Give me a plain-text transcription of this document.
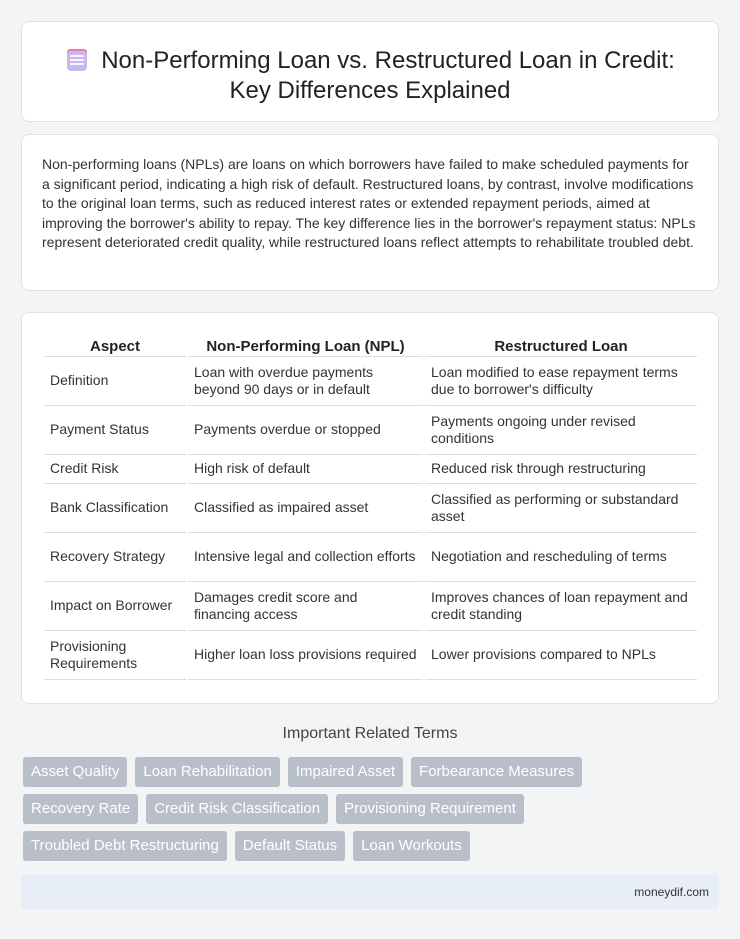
Non-Performing Loan vs. Restructured Loan in Credit:
Key Differences Explained

Non-performing loans (NPLs) are loans on which borrowers have failed to make scheduled payments for a significant period, indicating a high risk of default. Restructured loans, by contrast, involve modifications to the original loan terms, such as reduced interest rates or extended repayment periods, aimed at improving the borrower's ability to repay. The key difference lies in the borrower's repayment status: NPLs represent deteriorated credit quality, while restructured loans reflect attempts to rehabilitate troubled debt.

Aspect	Non-Performing Loan (NPL)	Restructured Loan
Definition	Loan with overdue payments beyond 90 days or in default	Loan modified to ease repayment terms due to borrower's difficulty
Payment Status	Payments overdue or stopped	Payments ongoing under revised conditions
Credit Risk	High risk of default	Reduced risk through restructuring
Bank Classification	Classified as impaired asset	Classified as performing or substandard asset
Recovery Strategy	Intensive legal and collection efforts	Negotiation and rescheduling of terms
Impact on Borrower	Damages credit score and financing access	Improves chances of loan repayment and credit standing
Provisioning Requirements	Higher loan loss provisions required	Lower provisions compared to NPLs
Important Related Terms
Asset Quality	Loan Rehabilitation	Impaired Asset	Forbearance Measures
Recovery Rate	Credit Risk Classification	Provisioning Requirement
Troubled Debt Restructuring	Default Status	Loan Workouts
moneydif.com
